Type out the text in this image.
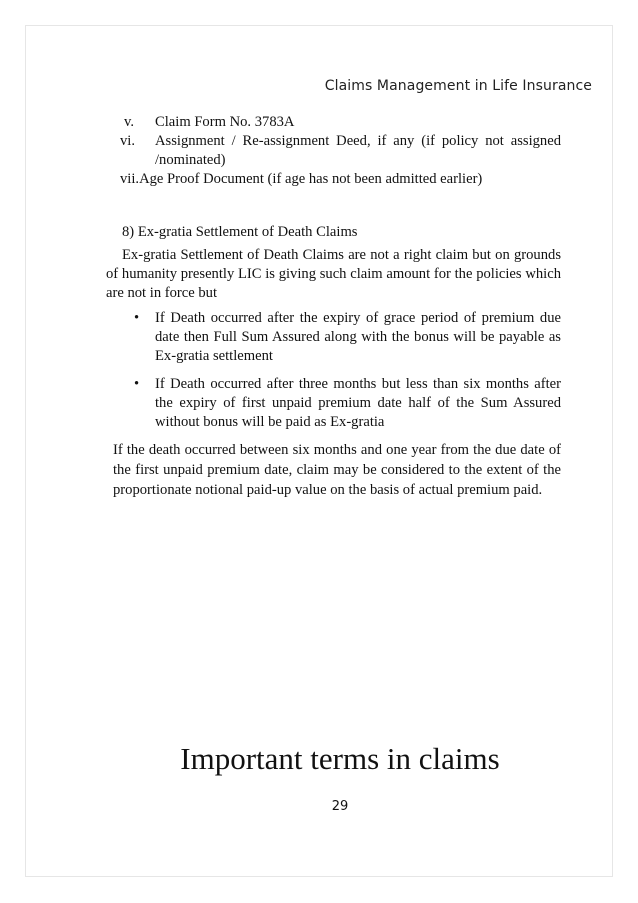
Claims Management in Life Insurance
v. Claim Form No. 3783A
vi. Assignment / Re-assignment Deed, if any (if policy not assigned /nominated)
vii.Age Proof Document (if age has not been admitted earlier)
8) Ex-gratia Settlement of Death Claims

Ex-gratia Settlement of Death Claims are not a right claim but on grounds of humanity presently LIC is giving such claim amount for the policies which are not in force but

• If Death occurred after the expiry of grace period of premium due date then Full Sum Assured along with the bonus will be payable as Ex-gratia settlement
• If Death occurred after three months but less than six months after the expiry of first unpaid premium date half of the Sum Assured without bonus will be paid as Ex-gratia

If the death occurred between six months and one year from the due date of the first unpaid premium date, claim may be considered to the extent of the proportionate notional paid-up value on the basis of actual premium paid.

Important terms in claims
29
